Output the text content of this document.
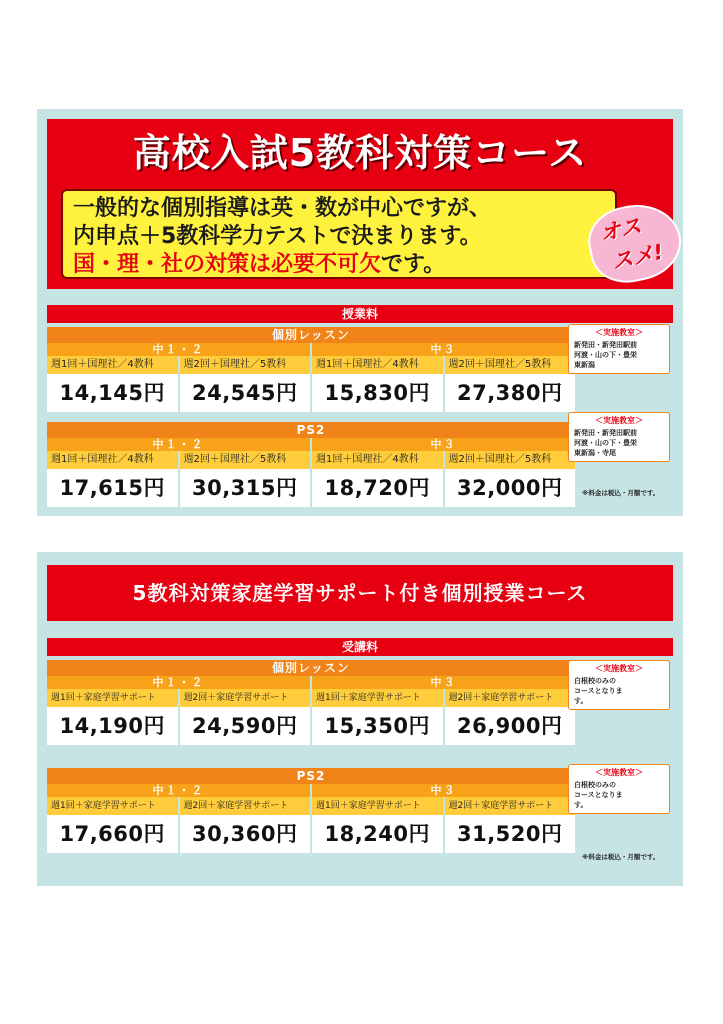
高校入試5教科対策コース
一般的な個別指導は英・数が中心ですが、
内申点＋5教科学力テストで決まります。
国・理・社の対策は必要不可欠です。
オス
スメ!
授業料
個別レッスン
中１・２	中３
週1回＋国理社／4教科	週2回＋国理社／5教科	週1回＋国理社／4教科	週2回＋国理社／5教科
14,145円	24,545円	15,830円	27,380円
＜実施教室＞
新発田・新発田駅前
河渡・山の下・豊栄
東新潟
PS2
中１・２	中３
週1回＋国理社／4教科	週2回＋国理社／5教科	週1回＋国理社／4教科	週2回＋国理社／5教科
17,615円	30,315円	18,720円	32,000円
＜実施教室＞
新発田・新発田駅前
河渡・山の下・豊栄
東新潟・寺尾
※料金は税込・月額です。
5教科対策家庭学習サポート付き個別授業コース
受講料
個別レッスン
中１・２	中３
週1回＋家庭学習サポート	週2回＋家庭学習サポート	週1回＋家庭学習サポート	週2回＋家庭学習サポート
14,190円	24,590円	15,350円	26,900円
＜実施教室＞
白根校のみの
コースとなりま
す。
PS2
中１・２	中３
週1回＋家庭学習サポート	週2回＋家庭学習サポート	週1回＋家庭学習サポート	週2回＋家庭学習サポート
17,660円	30,360円	18,240円	31,520円
＜実施教室＞
白根校のみの
コースとなりま
す。
※料金は税込・月額です。
